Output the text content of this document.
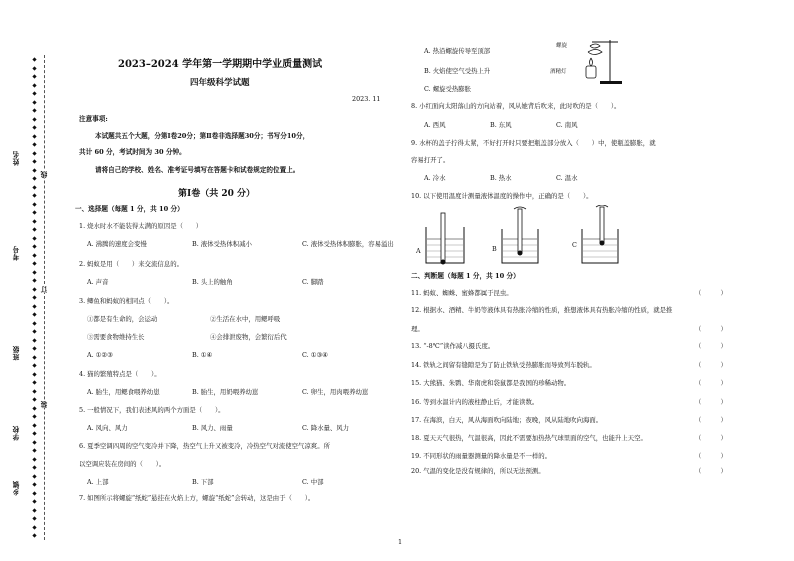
姓名
考号
班级
学校
乡镇
线
订
装
2023–2024 学年第一学期期中学业质量测试
四年级科学试题
2023. 11
注意事项:
本试题共五个大题，分第Ⅰ卷20分；第Ⅱ卷非选择题30分；书写分10分，
共计 60 分，考试时间为 30 分钟。
请将自己的学校、姓名、准考证号填写在答题卡和试卷规定的位置上。
第Ⅰ卷（共 20 分）
一、选择题（每题 1 分，共 10 分）
1. 烧水时水不能装得太满的原因是（　　）
A. 沸腾的速度会变慢	B. 液体受热体积减小	C. 液体受热体积膨胀，容易溢出
2. 蚂蚁是用（　　）来交流信息的。
A. 声音	B. 头上的触角	C. 脚踏
3. 鲫鱼和蚂蚁的相同点（　　）。
①都是有生命的，会运动	②生活在水中，用鳃呼吸
③需要食物维持生长	④会排泄废物，会繁衍后代
A. ①②③	B. ①④	C. ①③④
4. 猫的繁殖特点是（　　）。
A. 胎生，用鳃食喂养幼崽	B. 胎生，用奶喂养幼崽	C. 卵生，用肉喂养幼崽
5. 一般情况下，我们表述风的两个方面是（　　）。
A. 风向、风力	B. 风力、雨量	C. 降水量、风力
6. 夏季空调四周的空气变冷并下降，热空气上升又被变冷，冷热空气对流使空气凉爽。所
以空调应装在房间的（　　）。
A. 上部	B. 下部	C. 中部
7. 如图所示将螺旋“纸蛇”悬挂在火焰上方，螺旋“纸蛇”会转动，这是由于（　　）。
A. 热沿螺旋传导至顶部
B. 火焰使空气受热上升
C. 螺旋受热膨胀
螺旋
酒精灯
8. 小红面向太阳落山的方向站着，风从她背后吹来，此时吹的是（　　）。
A. 西风	B. 东风	C. 南风
9. 水杯的盖子拧得太紧，不好打开时只要把瓶盖部分放入（　　）中，使瓶盖膨胀，就
容易打开了。
A. 冷水	B. 热水	C. 温水
10. 以下使用温度计测量液体温度的操作中，正确的是（　　）。
A	B	C
二、判断题（每题 1 分，共 10 分）
11. 蚂蚁、蜘蛛、蜜蜂都属于昆虫。	（　　　）
12. 根据水、酒精、牛奶等液体具有热胀冷缩的性质，推想液体具有热胀冷缩的性质，就是推
理。	（　　　）
13. “-8℃”读作减八摄氏度。	（　　　）
14. 铁轨之间留有缝隙是为了防止铁轨受热膨胀而导致列车脱轨。	（　　　）
15. 大熊猫、朱鹮、华南虎和袋鼠都是我国的珍稀动物。	（　　　）
16. 等到水温计内的液柱静止后，才能读数。	（　　　）
17. 在海滨，白天，风从海面吹向陆地；夜晚，风从陆地吹向海面。	（　　　）
18. 夏天天气很热，气温很高，因此不需要加热热气球里面的空气，也能升上天空。	（　　　）
19. 不同形状的雨量器测量的降水量是不一样的。	（　　　）
20. 气温的变化是没有规律的，所以无法预测。	（　　　）
1
